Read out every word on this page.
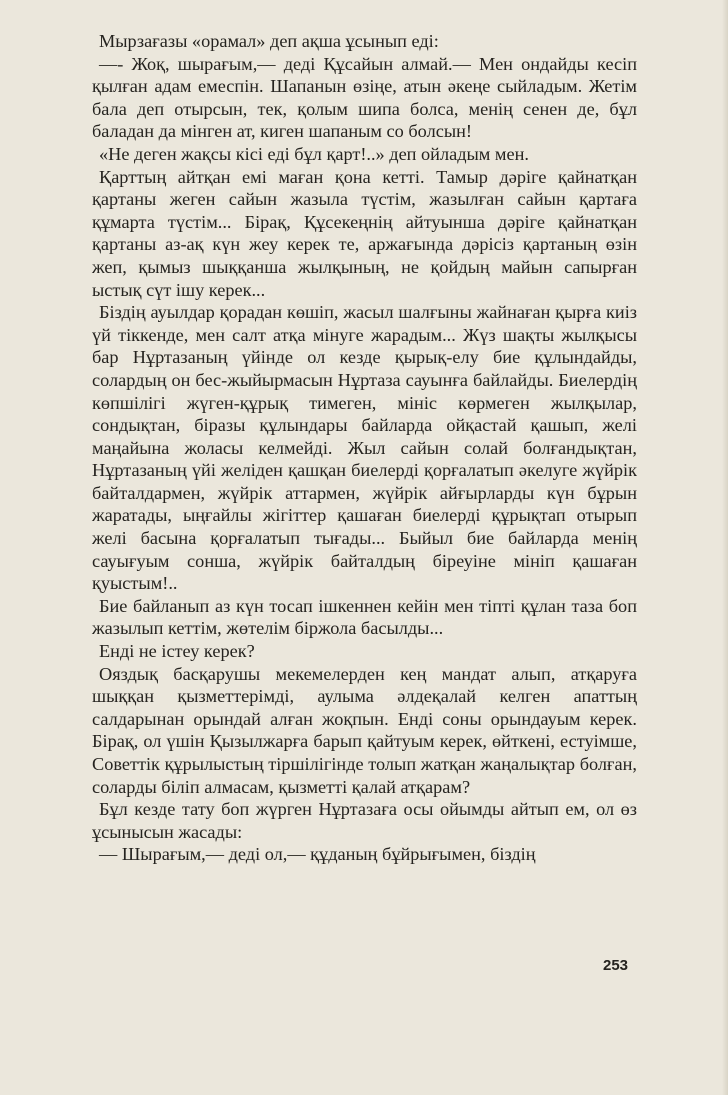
Мырзағазы «орамал» деп ақша ұсынып еді:

—- Жоқ, шырағым,— деді Құсайын алмай.— Мен ондайды кесіп қылған адам емеспін. Шапанын өзіңе, атын әкеңе сыйладым. Жетім бала деп отырсын, тек, қолым шипа болса, менің сенен де, бұл баладан да мінген ат, киген шапаным со болсын!

«Не деген жақсы кісі еді бұл қарт!..» деп ойладым мен.

Қарттың айтқан емі маған қона кетті. Тамыр дәріге қайнатқан қартаны жеген сайын жазыла түстім, жазылған сайын қартаға құмарта түстім... Бірақ, Құсекеңнің айтуынша дәріге қайнатқан қартаны аз-ақ күн жеу керек те, аржағында дәрісіз қартаның өзін жеп, қымыз шыққанша жылқының, не қойдың майын сапырған ыстық сүт ішу керек...

Біздің ауылдар қорадан көшіп, жасыл шалғыны жайнаған қырға киіз үй тіккенде, мен салт атқа мінуге жарадым... Жүз шақты жылқысы бар Нұртазаның үйінде ол кезде қырық-елу бие құлындайды, солардың он бес-жыйырмасын Нұртаза сауынға байлайды. Биелердің көпшілігі жүген-құрық тимеген, мініс көрмеген жылқылар, сондықтан, біразы құлындары байларда ойқастай қашып, желі маңайына жоласы келмейді. Жыл сайын солай болғандықтан, Нұртазаның үйі желіден қашқан биелерді қорғалатып әкелуге жүйрік байталдармен, жүйрік аттармен, жүйрік айғырларды күн бұрын жаратады, ыңғайлы жігіттер қашаған биелерді құрықтап отырып желі басына қорғалатып тығады... Быйыл бие байларда менің сауығуым сонша, жүйрік байталдың біреуіне мініп қашаған қуыстым!..

Бие байланып аз күн тосап ішкеннен кейін мен тіпті құлан таза боп жазылып кеттім, жөтелім біржола басылды...

Енді не істеу керек?

Ояздық басқарушы мекемелерден кең мандат алып, атқаруға шыққан қызметтерімді, аулыма әлдеқалай келген апаттың салдарынан орындай алған жоқпын. Енді соны орындауым керек. Бірақ, ол үшін Қызылжарға барып қайтуым керек, өйткені, естуімше, Советтік құрылыстың тіршілігінде толып жатқан жаңалықтар болған, соларды біліп алмасам, қызметті қалай атқарам?

Бұл кезде тату боп жүрген Нұртазаға осы ойымды айтып ем, ол өз ұсынысын жасады:

— Шырағым,— деді ол,— құданың бұйрығымен, біздің

253
